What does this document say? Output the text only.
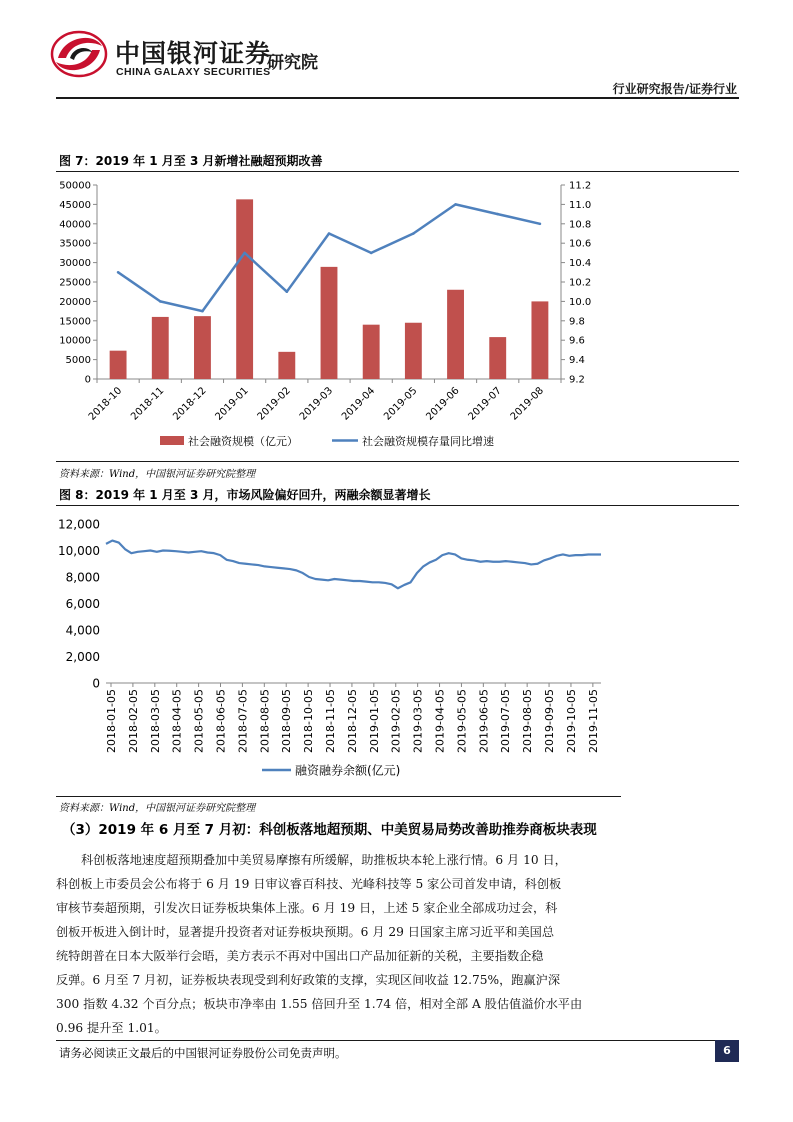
中国银河证券
CHINA GALAXY SECURITIES
研究院
行业研究报告/证券行业
图 7：2019 年 1 月至 3 月新增社融超预期改善
0
5000
10000
15000
20000
25000
30000
35000
40000
45000
50000
9.2
9.4
9.6
9.8
10.0
10.2
10.4
10.6
10.8
11.0
11.2
2018-10 2018-11 2018-12 2019-01 2019-02 2019-03 2019-04 2019-05 2019-06 2019-07 2019-08
社会融资规模（亿元）	社会融资规模存量同比增速
资料来源：Wind，中国银河证券研究院整理
图 8：2019 年 1 月至 3 月，市场风险偏好回升，两融余额显著增长
0
2,000
4,000
6,000
8,000
10,000
12,000
2018-01-05 2018-02-05 2018-03-05 2018-04-05 2018-05-05 2018-06-05 2018-07-05 2018-08-05 2018-09-05 2018-10-05 2018-11-05 2018-12-05 2019-01-05 2019-02-05 2019-03-05 2019-04-05 2019-05-05 2019-06-05 2019-07-05 2019-08-05 2019-09-05 2019-10-05 2019-11-05
融资融券余额(亿元)
资料来源：Wind，中国银河证券研究院整理
（3）2019 年 6 月至 7 月初：科创板落地超预期、中美贸易局势改善助推券商板块表现
科创板落地速度超预期叠加中美贸易摩擦有所缓解，助推板块本轮上涨行情。6 月 10 日，
科创板上市委员会公布将于 6 月 19 日审议睿百科技、光峰科技等 5 家公司首发申请，科创板
审核节奏超预期，引发次日证券板块集体上涨。6 月 19 日，上述 5 家企业全部成功过会，科
创板开板进入倒计时，显著提升投资者对证券板块预期。6 月 29 日国家主席习近平和美国总
统特朗普在日本大阪举行会晤，美方表示不再对中国出口产品加征新的关税，主要指数企稳
反弹。6 月至 7 月初，证券板块表现受到利好政策的支撑，实现区间收益 12.75%，跑赢沪深
300 指数 4.32 个百分点；板块市净率由 1.55 倍回升至 1.74 倍，相对全部 A 股估值溢价水平由
0.96 提升至 1.01。
请务必阅读正文最后的中国银河证券股份公司免责声明。	6
